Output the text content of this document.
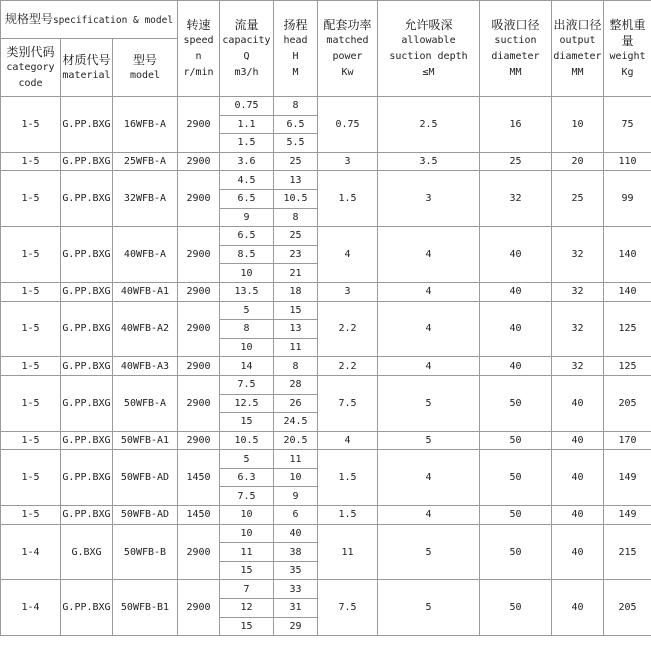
规格型号specification & model			转速
speed
n
r/min	流量
capacity
Q
m3/h	扬程
head
H
M	配套功率
matched
power
Kw	允许吸深
allowable
suction depth
≤M	吸液口径
suction
diameter
MM	出液口径
output
diameter
MM	整机重量
weight
Kg

类别代码
category
code	材质代号
material	型号
model								

1-5	G.PP.BXG	16WFB-A	2900	0.75	8	0.75	2.5	16	10	75
				1.1	6.5					
				1.5	5.5					
1-5	G.PP.BXG	25WFB-A	2900	3.6	25	3	3.5	25	20	110
1-5	G.PP.BXG	32WFB-A	2900	4.5	13	1.5	3	32	25	99
				6.5	10.5					
				9	8					
1-5	G.PP.BXG	40WFB-A	2900	6.5	25	4	4	40	32	140
				8.5	23					
				10	21					
1-5	G.PP.BXG	40WFB-A1	2900	13.5	18	3	4	40	32	140
1-5	G.PP.BXG	40WFB-A2	2900	5	15	2.2	4	40	32	125
				8	13					
				10	11					
1-5	G.PP.BXG	40WFB-A3	2900	14	8	2.2	4	40	32	125
1-5	G.PP.BXG	50WFB-A	2900	7.5	28	7.5	5	50	40	205
				12.5	26					
				15	24.5					
1-5	G.PP.BXG	50WFB-A1	2900	10.5	20.5	4	5	50	40	170
1-5	G.PP.BXG	50WFB-AD	1450	5	11	1.5	4	50	40	149
				6.3	10					
				7.5	9					
1-5	G.PP.BXG	50WFB-AD	1450	10	6	1.5	4	50	40	149
1-4	G.BXG	50WFB-B	2900	10	40	11	5	50	40	215
				11	38					
				15	35					
1-4	G.PP.BXG	50WFB-B1	2900	7	33	7.5	5	50	40	205
				12	31					
				15	29					
